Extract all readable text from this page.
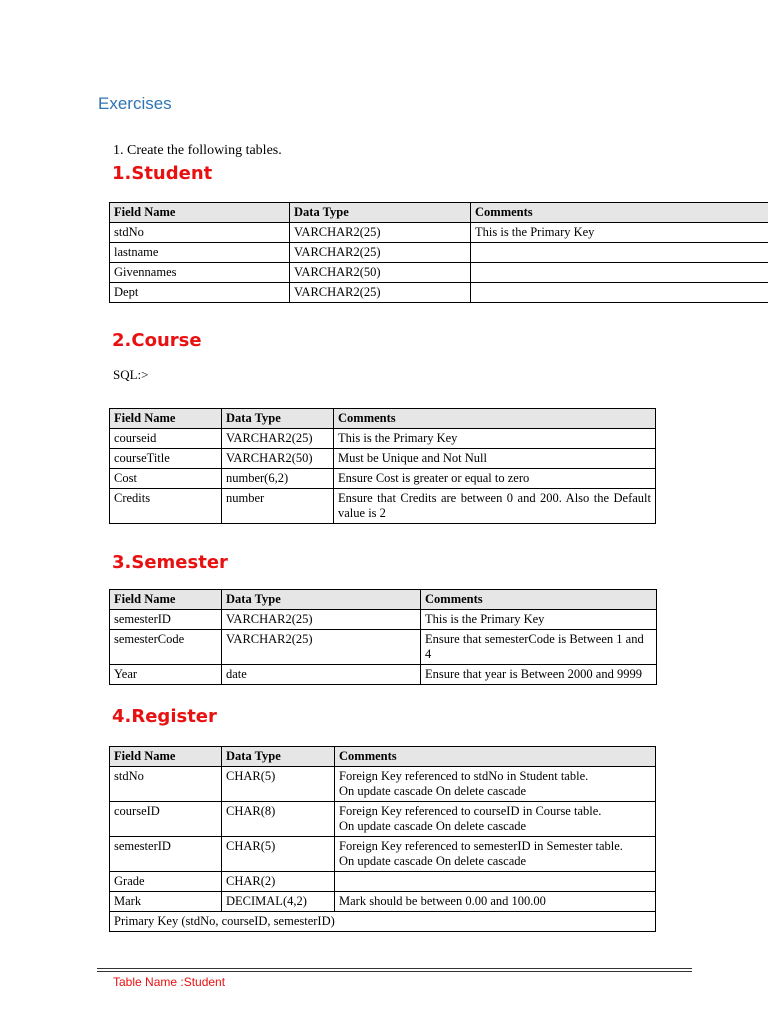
Exercises
1. Create the following tables.
1.Student
Field Name	Data Type	Comments
stdNo	VARCHAR2(25)	This is the Primary Key
lastname	VARCHAR2(25)	
Givennames	VARCHAR2(50)	
Dept	VARCHAR2(25)	
2.Course
SQL:>
Field Name	Data Type	Comments
courseid	VARCHAR2(25)	This is the Primary Key
courseTitle	VARCHAR2(50)	Must be Unique and Not Null
Cost	number(6,2)	Ensure Cost is greater or equal to zero
Credits	number	Ensure that Credits are between 0 and 200. Also the Default value is 2
3.Semester
Field Name	Data Type	Comments
semesterID	VARCHAR2(25)	This is the Primary Key
semesterCode	VARCHAR2(25)	Ensure that semesterCode is Between 1 and 4
Year	date	Ensure that year is Between 2000 and 9999
4.Register
Field Name	Data Type	Comments
stdNo	CHAR(5)	Foreign Key referenced to stdNo in Student table.
On update cascade On delete cascade

courseID	CHAR(8)	Foreign Key referenced to courseID in Course table.
On update cascade On delete cascade

semesterID	CHAR(5)	Foreign Key referenced to semesterID in Semester table.
On update cascade On delete cascade

Grade	CHAR(2)	
Mark	DECIMAL(4,2)	Mark should be between 0.00 and 100.00
Primary Key (stdNo, courseID, semesterID)		
Table Name :Student
